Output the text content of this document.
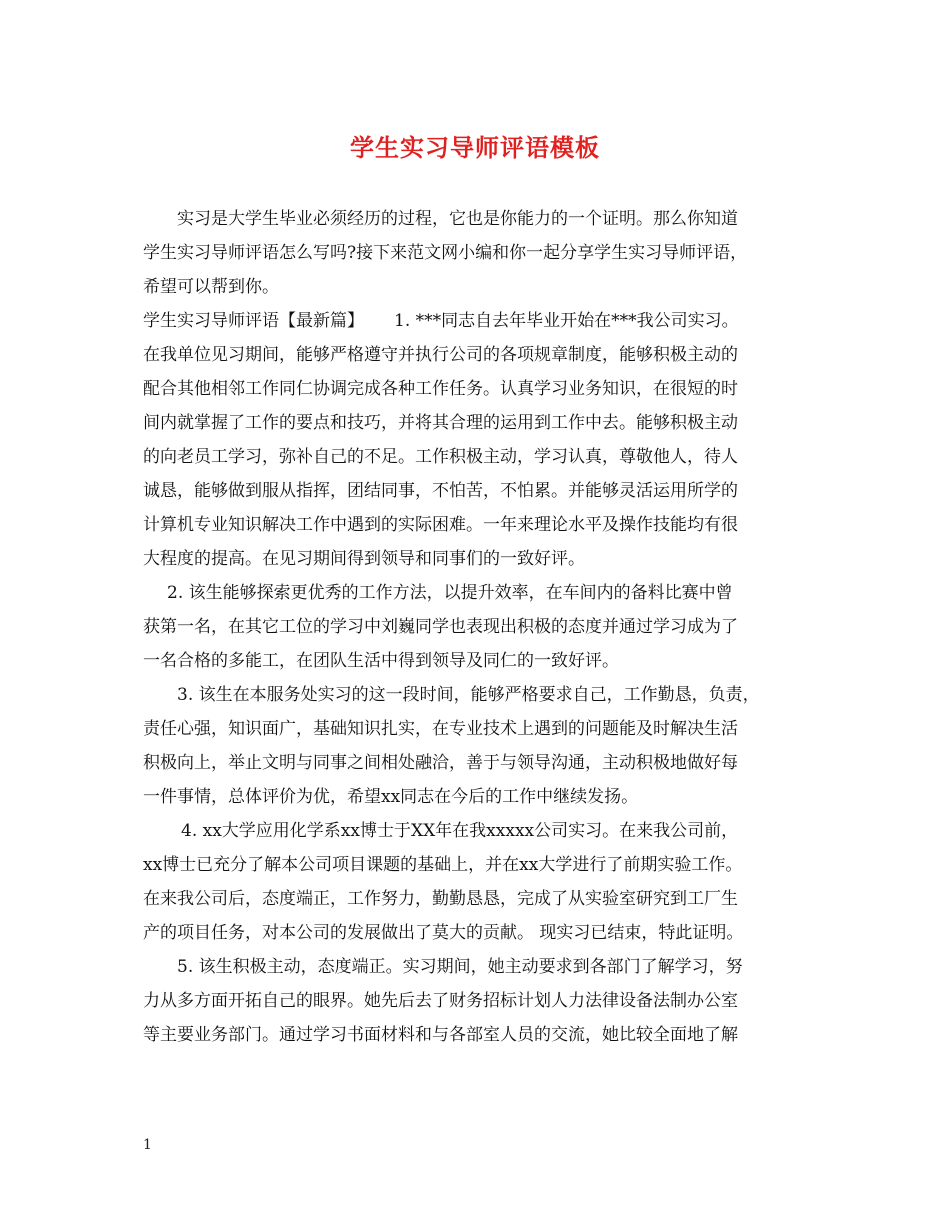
学生实习导师评语模板
实习是大学生毕业必须经历的过程，它也是你能力的一个证明。那么你知道
学生实习导师评语怎么写吗?接下来范文网小编和你一起分享学生实习导师评语，
希望可以帮到你。
学生实习导师评语【最新篇】 1. ***同志自去年毕业开始在***我公司实习。
在我单位见习期间，能够严格遵守并执行公司的各项规章制度，能够积极主动的
配合其他相邻工作同仁协调完成各种工作任务。认真学习业务知识，在很短的时
间内就掌握了工作的要点和技巧，并将其合理的运用到工作中去。能够积极主动
的向老员工学习，弥补自己的不足。工作积极主动，学习认真，尊敬他人，待人
诚恳，能够做到服从指挥，团结同事，不怕苦，不怕累。并能够灵活运用所学的
计算机专业知识解决工作中遇到的实际困难。一年来理论水平及操作技能均有很
大程度的提高。在见习期间得到领导和同事们的一致好评。
2. 该生能够探索更优秀的工作方法，以提升效率，在车间内的备料比赛中曾
获第一名，在其它工位的学习中刘巍同学也表现出积极的态度并通过学习成为了
一名合格的多能工，在团队生活中得到领导及同仁的一致好评。
3. 该生在本服务处实习的这一段时间，能够严格要求自己，工作勤恳，负责，
责任心强，知识面广，基础知识扎实，在专业技术上遇到的问题能及时解决生活
积极向上，举止文明与同事之间相处融洽，善于与领导沟通，主动积极地做好每
一件事情，总体评价为优，希望xx同志在今后的工作中继续发扬。
4. xx大学应用化学系xx博士于XX年在我xxxxx公司实习。在来我公司前，
xx博士已充分了解本公司项目课题的基础上，并在xx大学进行了前期实验工作。
在来我公司后，态度端正，工作努力，勤勤恳恳，完成了从实验室研究到工厂生
产的项目任务，对本公司的发展做出了莫大的贡献。 现实习已结束，特此证明。
5. 该生积极主动，态度端正。实习期间，她主动要求到各部门了解学习，努
力从多方面开拓自己的眼界。她先后去了财务招标计划人力法律设备法制办公室
等主要业务部门。通过学习书面材料和与各部室人员的交流，她比较全面地了解
1
